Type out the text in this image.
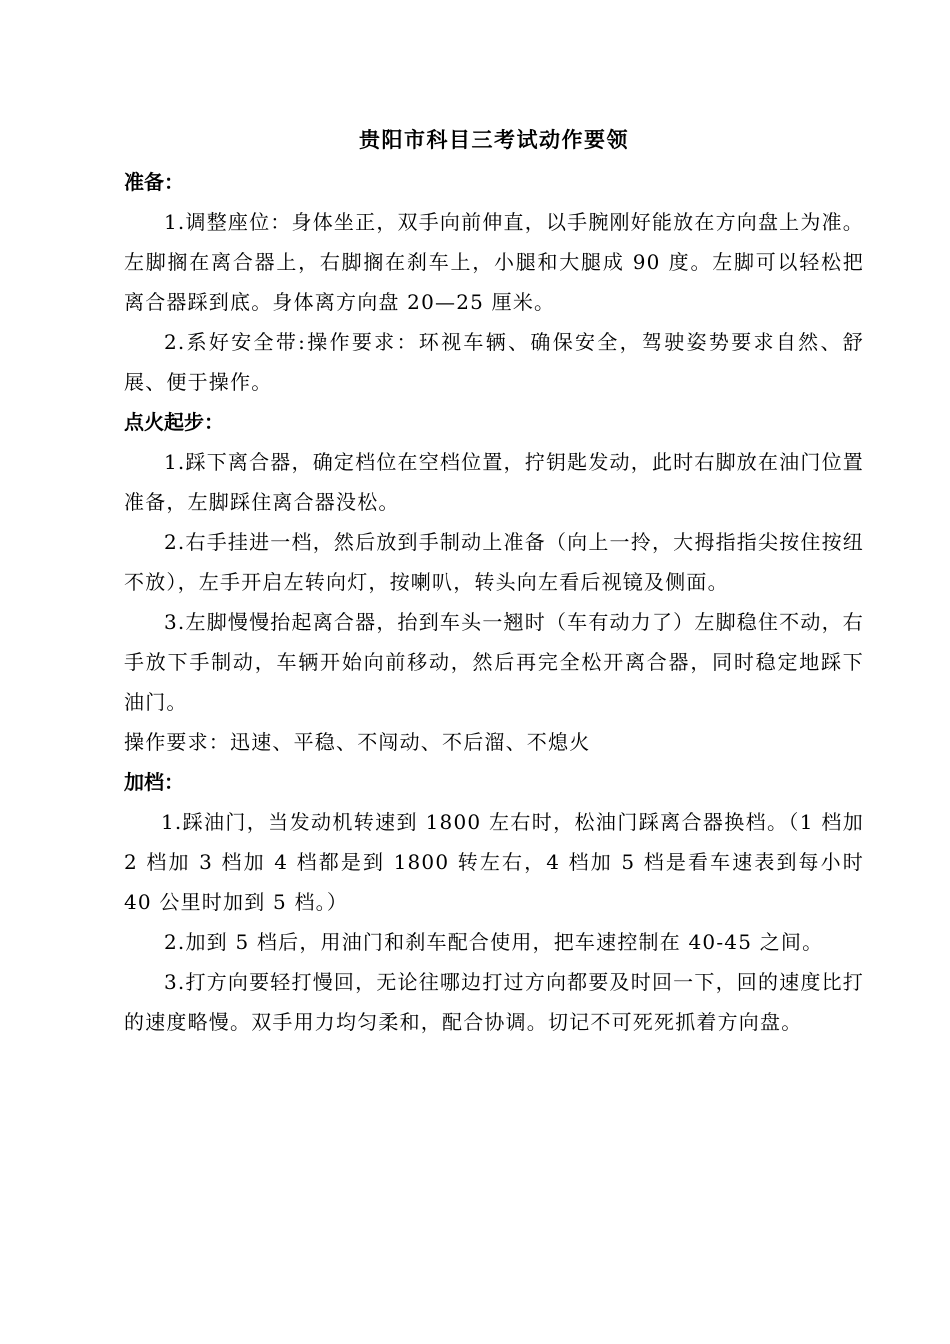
贵阳市科目三考试动作要领
准备：

1.调整座位：身体坐正，双手向前伸直，以手腕刚好能放在方向盘上为准。左脚搁在离合器上，右脚搁在刹车上，小腿和大腿成 90 度。左脚可以轻松把离合器踩到底。身体离方向盘 20—25 厘米。

2.系好安全带:操作要求：环视车辆、确保安全，驾驶姿势要求自然、舒展、便于操作。

点火起步：

1.踩下离合器，确定档位在空档位置，拧钥匙发动，此时右脚放在油门位置准备，左脚踩住离合器没松。

2.右手挂进一档，然后放到手制动上准备（向上一拎，大拇指指尖按住按纽不放），左手开启左转向灯，按喇叭，转头向左看后视镜及侧面。

3.左脚慢慢抬起离合器，抬到车头一翘时（车有动力了）左脚稳住不动，右手放下手制动，车辆开始向前移动，然后再完全松开离合器，同时稳定地踩下油门。

操作要求：迅速、平稳、不闯动、不后溜、不熄火

加档：

1.踩油门，当发动机转速到 1800 左右时，松油门踩离合器换档。（1 档加 2 档加 3 档加 4 档都是到 1800 转左右，4 档加 5 档是看车速表到每小时 40 公里时加到 5 档。）

2.加到 5 档后，用油门和刹车配合使用，把车速控制在 40-45 之间。

3.打方向要轻打慢回，无论往哪边打过方向都要及时回一下，回的速度比打的速度略慢。双手用力均匀柔和，配合协调。切记不可死死抓着方向盘。
